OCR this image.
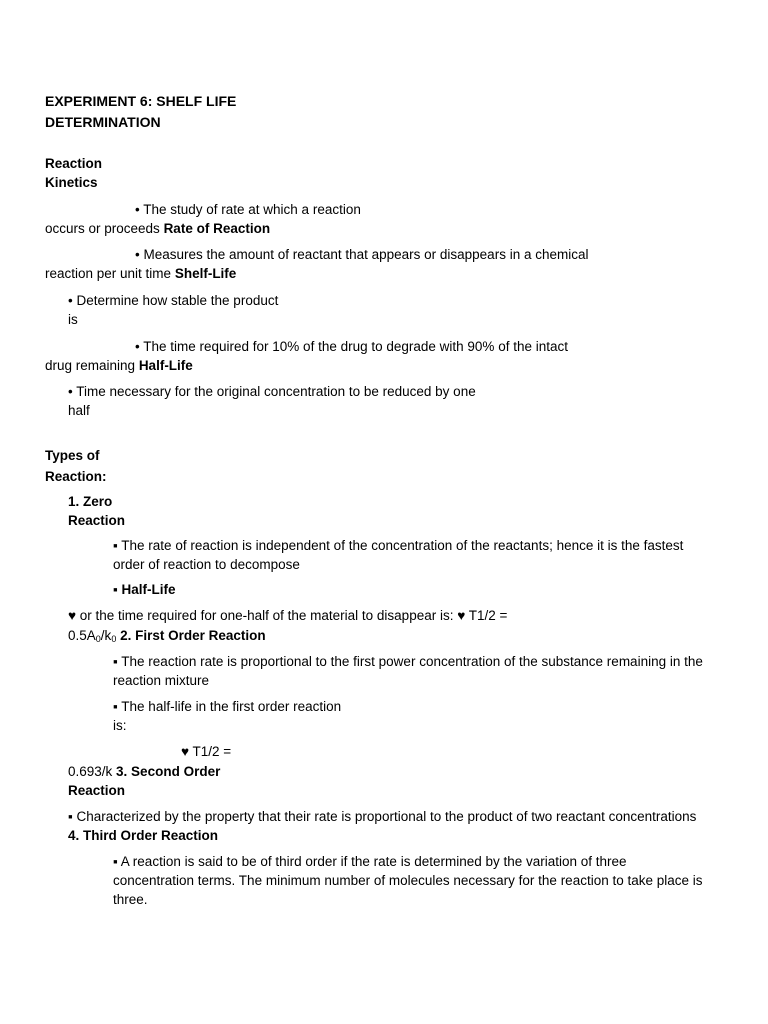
EXPERIMENT 6: SHELF LIFE
DETERMINATION
Reaction
Kinetics
• The study of rate at which a reaction
occurs or proceeds Rate of Reaction
• Measures the amount of reactant that appears or disappears in a chemical
reaction per unit time Shelf-Life
• Determine how stable the product
is
• The time required for 10% of the drug to degrade with 90% of the intact
drug remaining Half-Life
• Time necessary for the original concentration to be reduced by one
half
Types of
Reaction:
1. Zero
Reaction
▪ The rate of reaction is independent of the concentration of the reactants; hence it is the fastest
order of reaction to decompose
▪ Half-Life
♥ or the time required for one-half of the material to disappear is: ♥ T1/2 =
$0.5A_0/k_0$ 2. First Order Reaction
▪ The reaction rate is proportional to the first power concentration of the substance remaining in the
reaction mixture
▪ The half-life in the first order reaction
is:
♥ T1/2 =
0.693/k 3. Second Order
Reaction
▪ Characterized by the property that their rate is proportional to the product of two reactant concentrations
4. Third Order Reaction
▪ A reaction is said to be of third order if the rate is determined by the variation of three
concentration terms. The minimum number of molecules necessary for the reaction to take place is
three.
